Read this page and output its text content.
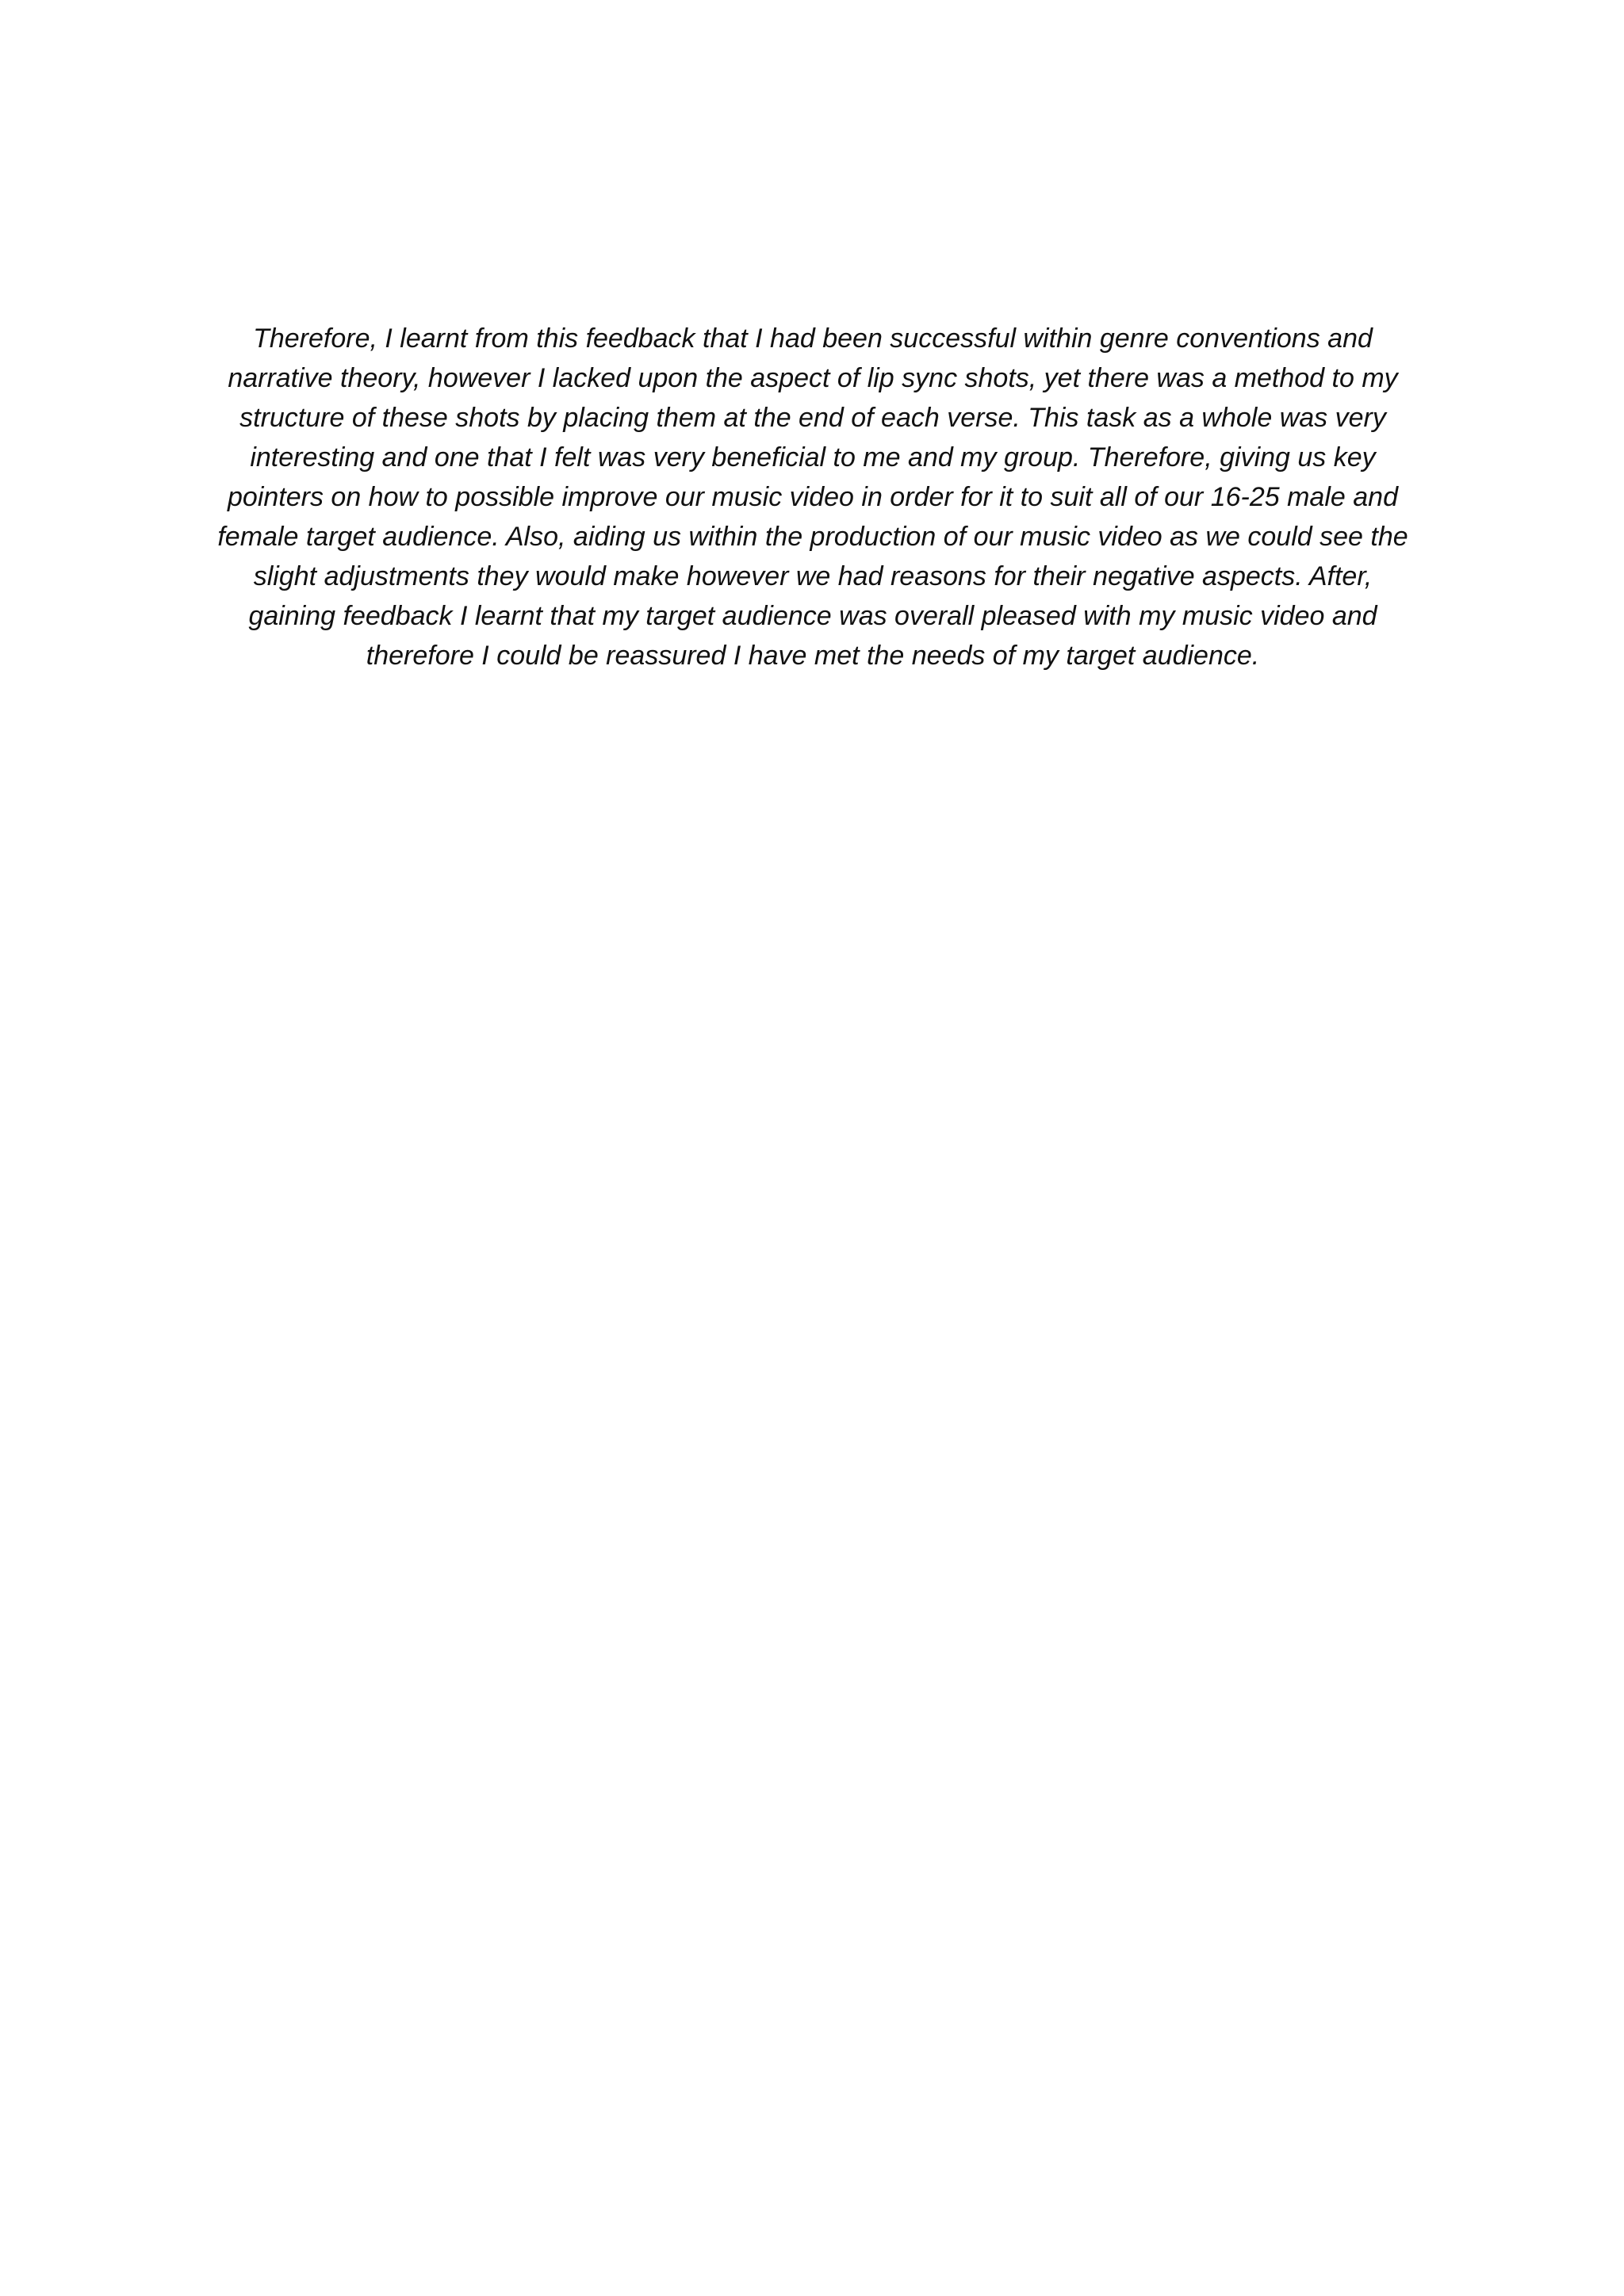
Therefore, I learnt from this feedback that I had been successful within genre conventions and
narrative theory, however I lacked upon the aspect of lip sync shots, yet there was a method to my
structure of these shots by placing them at the end of each verse. This task as a whole was very
interesting and one that I felt was very beneficial to me and my group. Therefore, giving us key
pointers on how to possible improve our music video in order for it to suit all of our 16-25 male and
female target audience. Also, aiding us within the production of our music video as we could see the
slight adjustments they would make however we had reasons for their negative aspects. After,
gaining feedback I learnt that my target audience was overall pleased with my music video and
therefore I could be reassured I have met the needs of my target audience.
